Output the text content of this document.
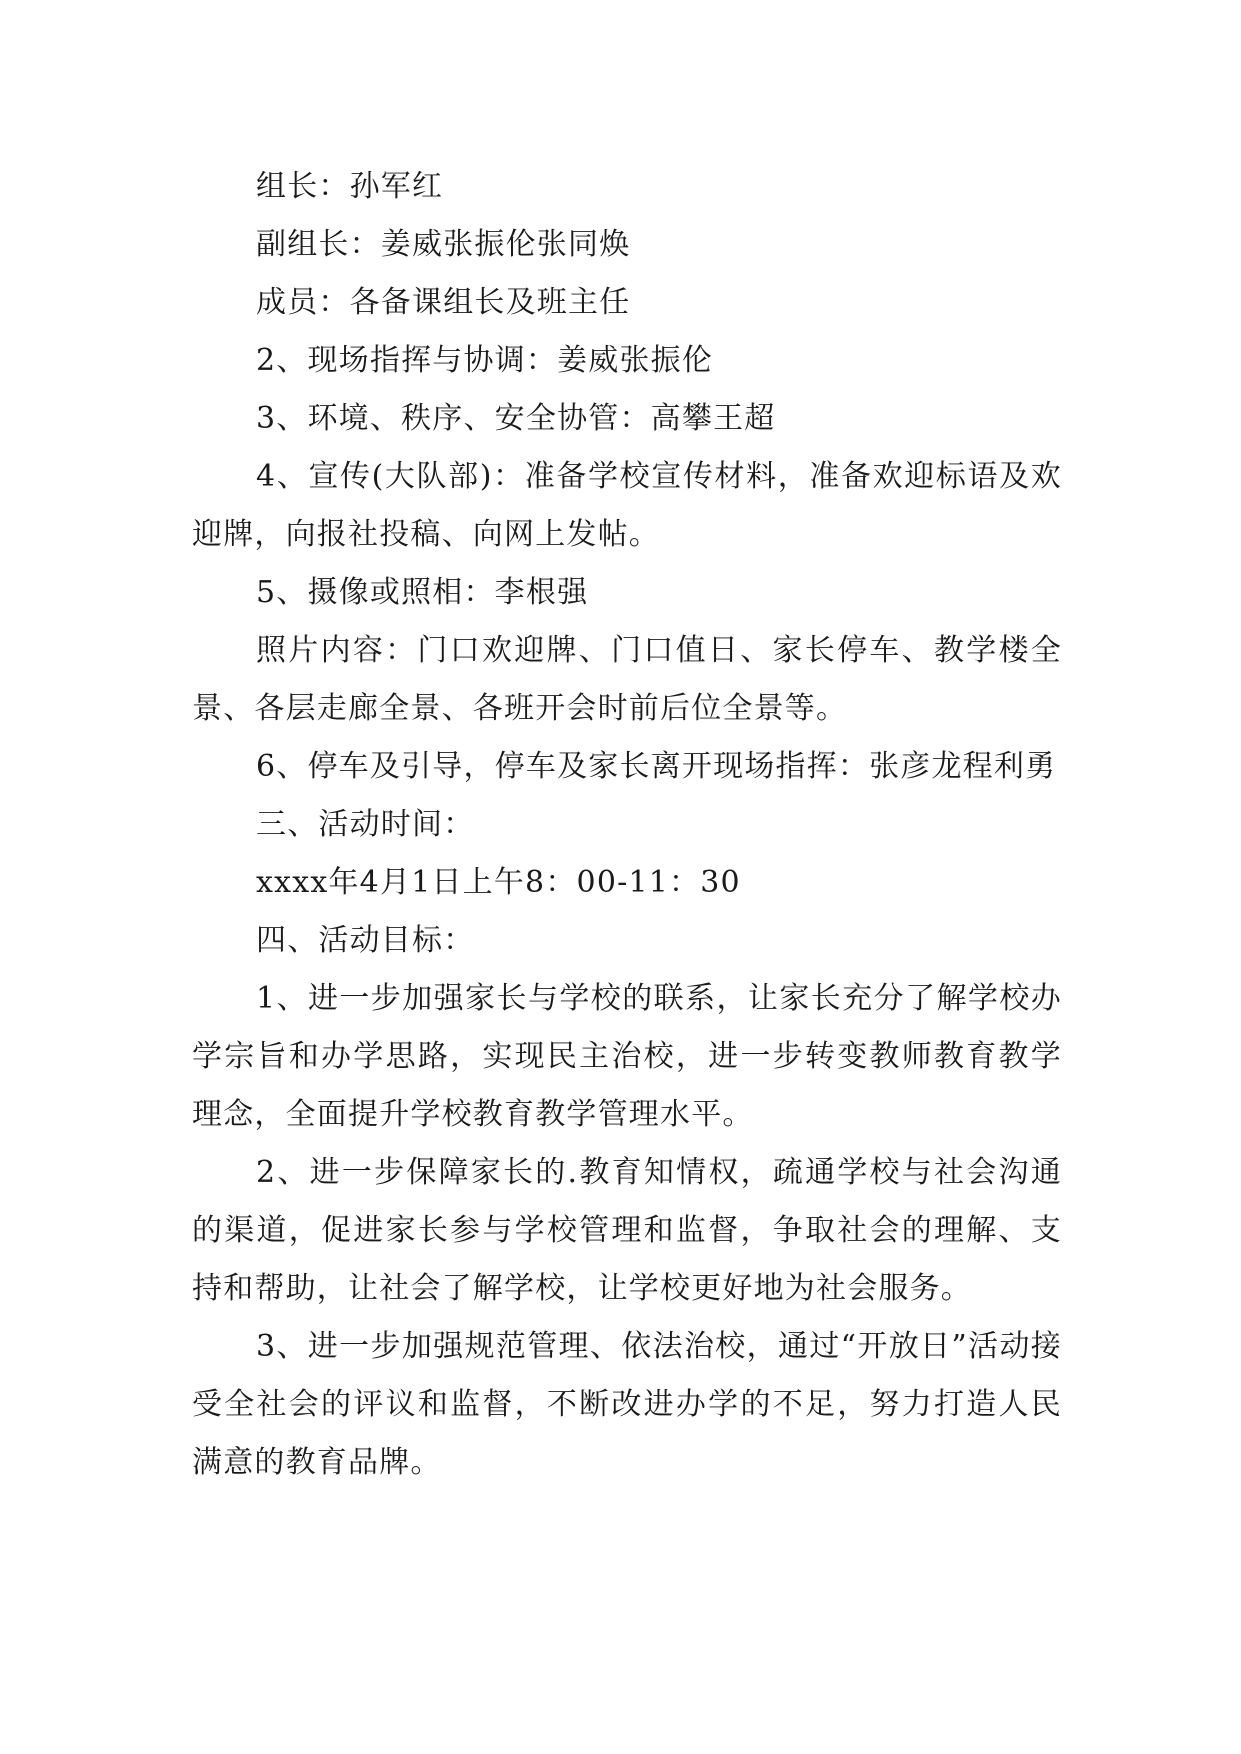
组长：孙军红

副组长：姜威张振伦张同焕

成员：各备课组长及班主任

2、现场指挥与协调：姜威张振伦

3、环境、秩序、安全协管：高攀王超

4、宣传(大队部)：准备学校宣传材料，准备欢迎标语及欢迎牌，向报社投稿、向网上发帖。

5、摄像或照相：李根强

照片内容：门口欢迎牌、门口值日、家长停车、教学楼全景、各层走廊全景、各班开会时前后位全景等。

6、停车及引导，停车及家长离开现场指挥：张彦龙程利勇

三、活动时间：

xxxx年4月1日上午8：00-11：30

四、活动目标：

1、进一步加强家长与学校的联系，让家长充分了解学校办学宗旨和办学思路，实现民主治校，进一步转变教师教育教学理念，全面提升学校教育教学管理水平。

2、进一步保障家长的.教育知情权，疏通学校与社会沟通的渠道，促进家长参与学校管理和监督，争取社会的理解、支持和帮助，让社会了解学校，让学校更好地为社会服务。

3、进一步加强规范管理、依法治校，通过“开放日”活动接受全社会的评议和监督，不断改进办学的不足，努力打造人民满意的教育品牌。
